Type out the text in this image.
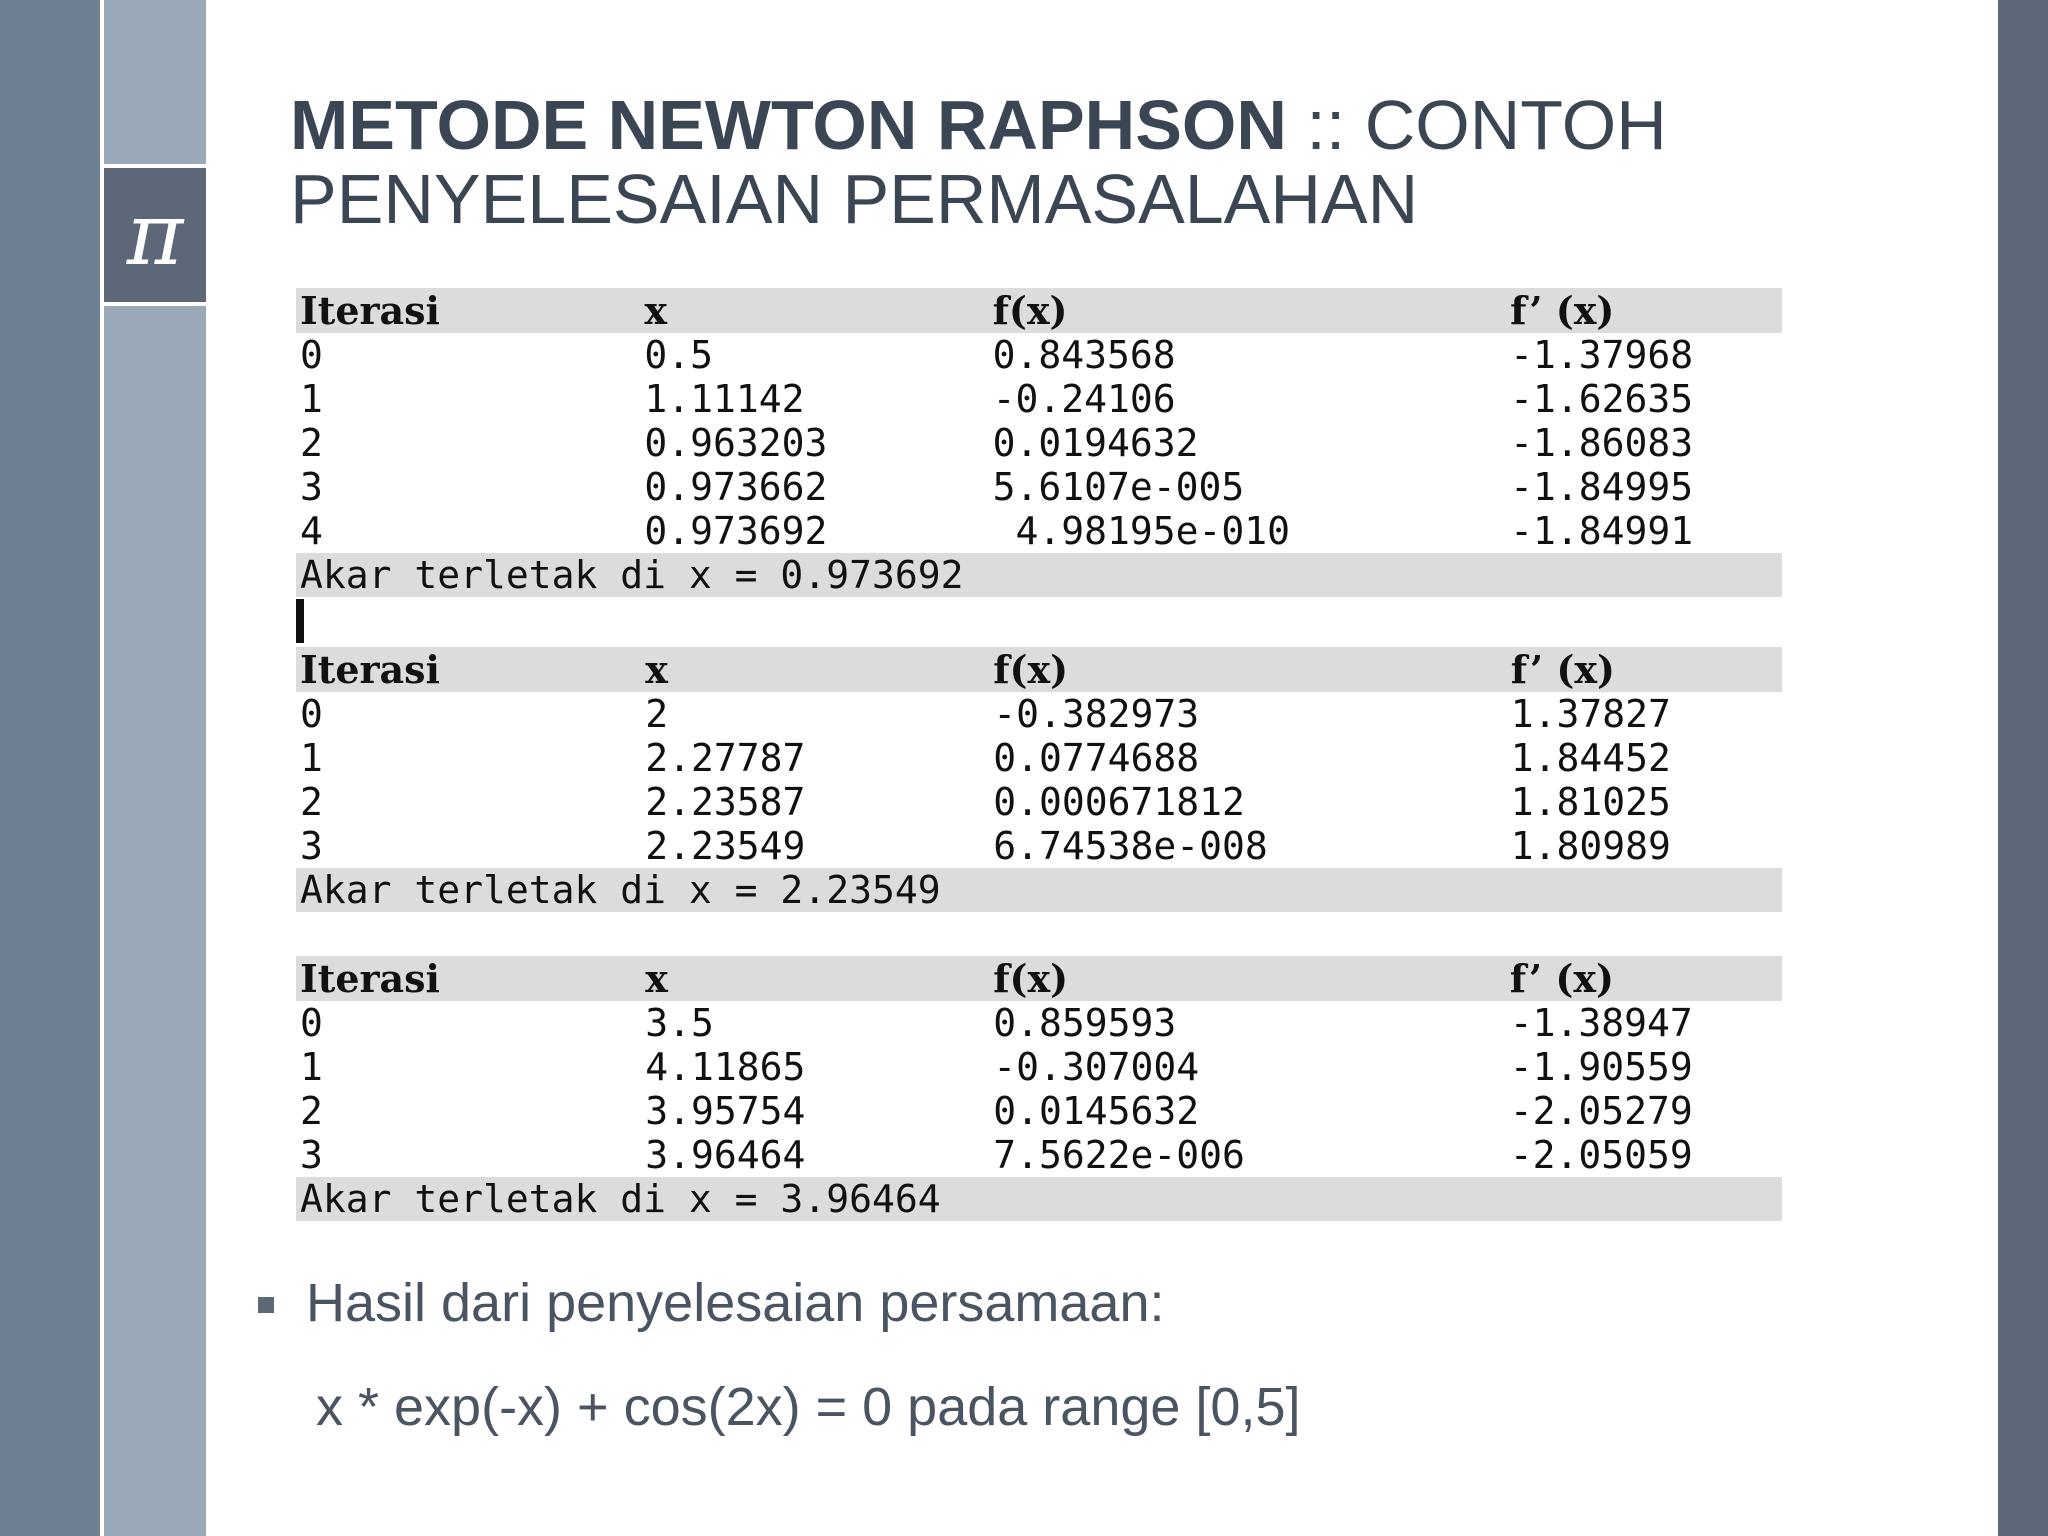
π
METODE NEWTON RAPHSON :: CONTOH PENYELESAIAN PERMASALAHAN
Iterasi	x	f(x)	f’ (x)
0	0.5	0.843568	-1.37968
1	1.11142	-0.24106	-1.62635
2	0.963203	0.0194632	-1.86083
3	0.973662	5.6107e-005	-1.84995
4	0.973692	4.98195e-010	-1.84991
Akar terletak di x = 0.973692			
Iterasi	x	f(x)	f’ (x)
0	2	-0.382973	1.37827
1	2.27787	0.0774688	1.84452
2	2.23587	0.000671812	1.81025
3	2.23549	6.74538e-008	1.80989
Akar terletak di x = 2.23549			
Iterasi	x	f(x)	f’ (x)
0	3.5	0.859593	-1.38947
1	4.11865	-0.307004	-1.90559
2	3.95754	0.0145632	-2.05279
3	3.96464	7.5622e-006	-2.05059
Akar terletak di x = 3.96464			
Hasil dari penyelesaian persamaan:
x * exp(-x) + cos(2x) = 0 pada range [0,5]
